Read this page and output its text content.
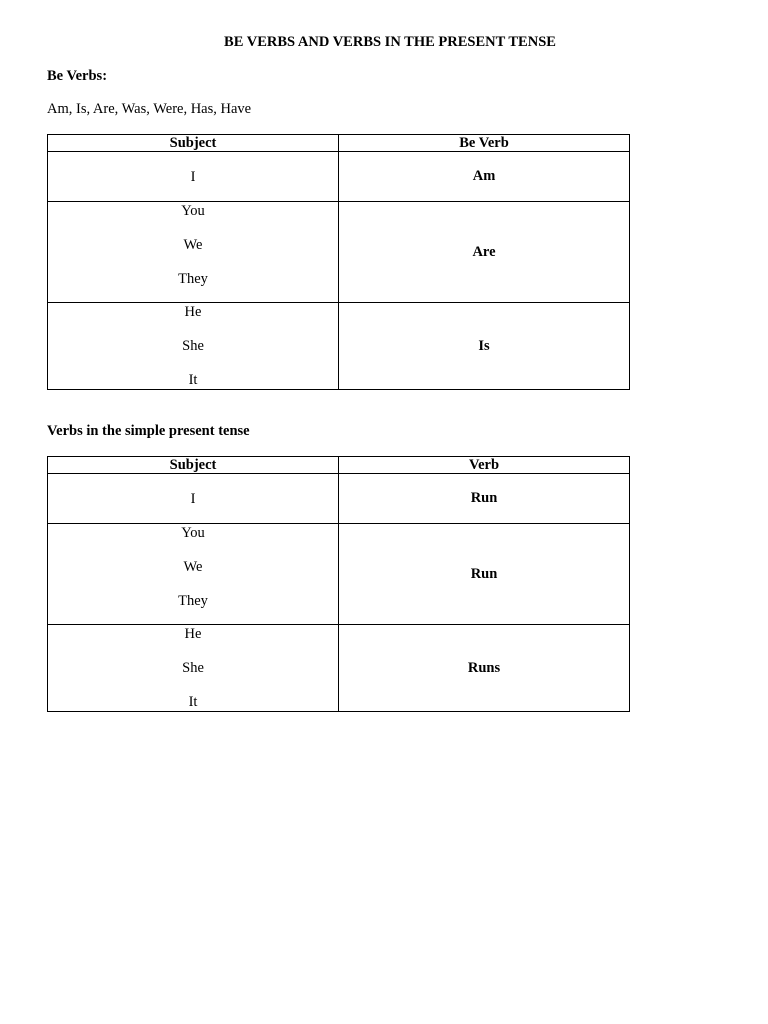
BE VERBS AND VERBS IN THE PRESENT TENSE
Be Verbs:
Am, Is, Are, Was, Were, Has, Have
Subject	Be Verb

I	Am

You
We
They	Are

He
She
It	Is
Verbs in the simple present tense
Subject	Verb

I	Run

You
We
They	Run

He
She
It	Runs
